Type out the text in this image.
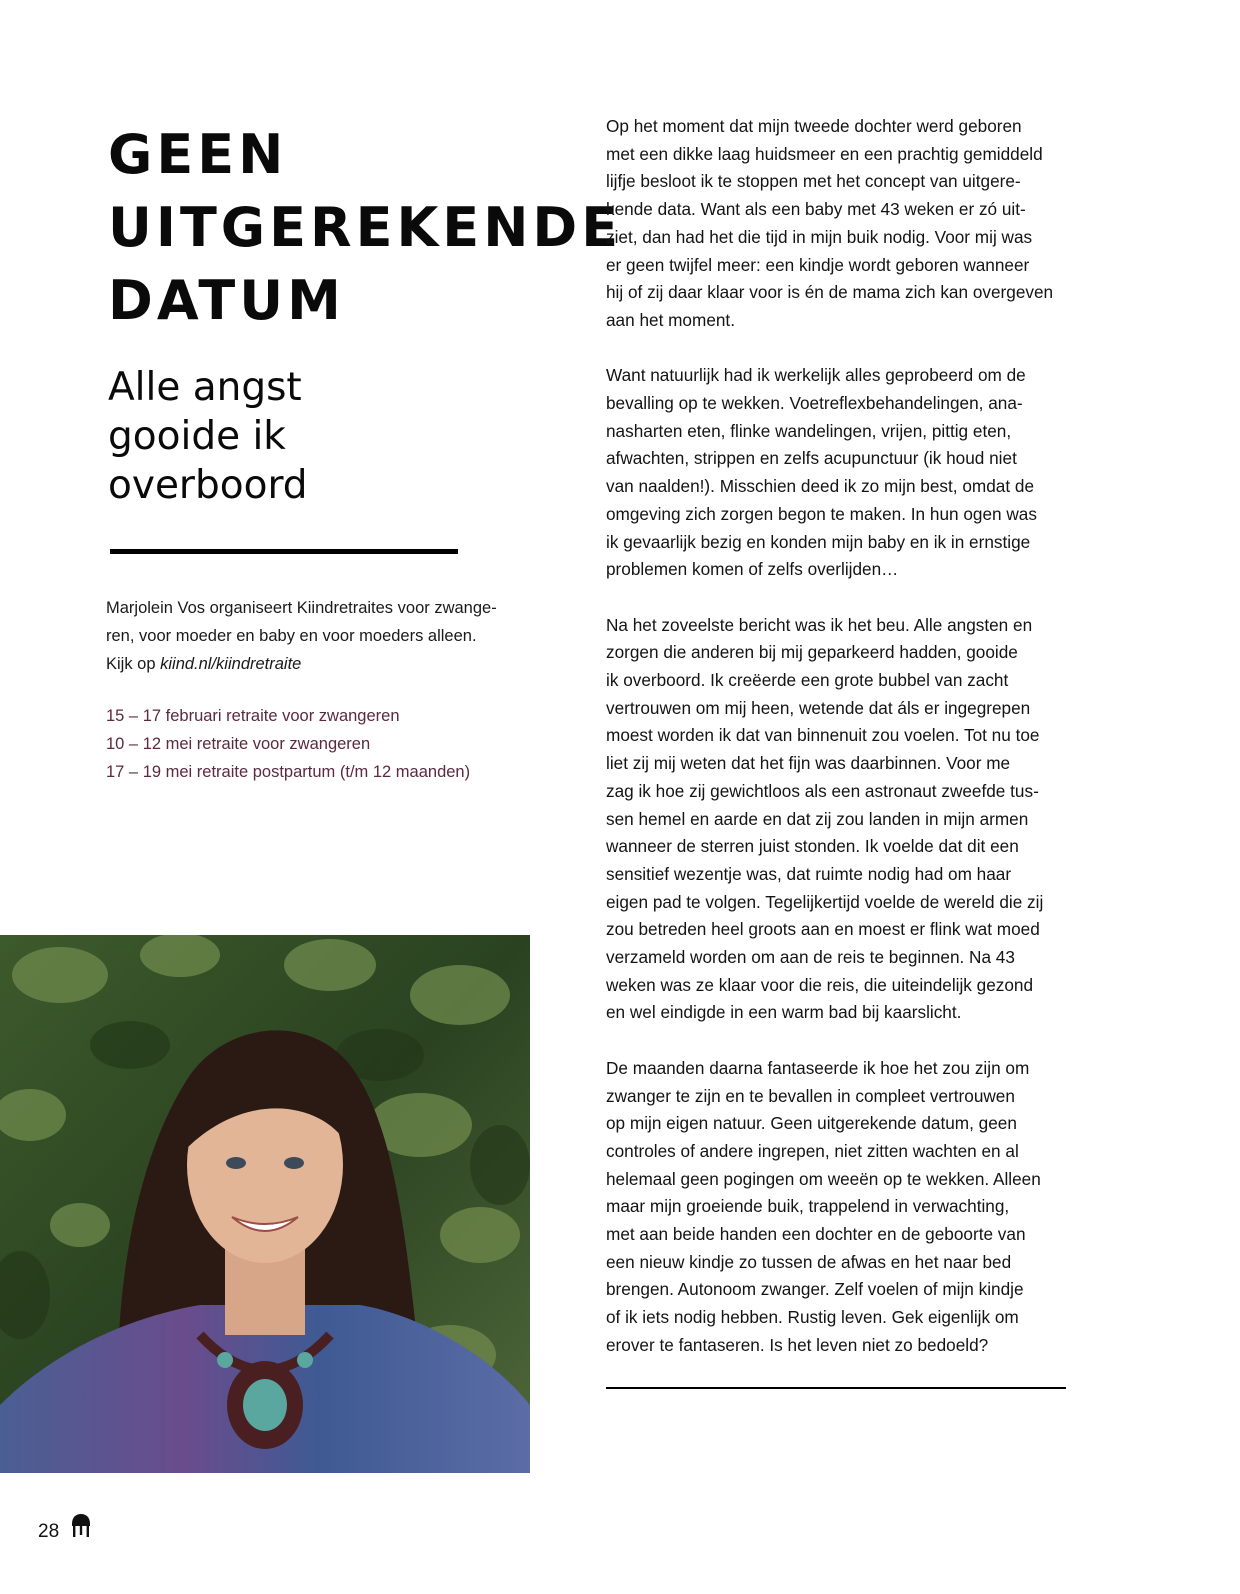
GEEN
UITGEREKENDE
DATUM
Alle angst
gooide ik
overboord

Marjolein Vos organiseert Kiindretraites voor zwange-
ren, voor moeder en baby en voor moeders alleen.
Kijk op kiind.nl/kiindretraite

15 – 17 februari retraite voor zwangeren
10 – 12 mei retraite voor zwangeren
17 – 19 mei retraite postpartum (t/m 12 maanden)

Op het moment dat mijn tweede dochter werd geboren
met een dikke laag huidsmeer en een prachtig gemiddeld
lijfje besloot ik te stoppen met het concept van uitgere-
kende data. Want als een baby met 43 weken er zó uit-
ziet, dan had het die tijd in mijn buik nodig. Voor mij was
er geen twijfel meer: een kindje wordt geboren wanneer
hij of zij daar klaar voor is én de mama zich kan overgeven
aan het moment.

Want natuurlijk had ik werkelijk alles geprobeerd om de
bevalling op te wekken. Voetreflexbehandelingen, ana-
nasharten eten, flinke wandelingen, vrijen, pittig eten,
afwachten, strippen en zelfs acupunctuur (ik houd niet
van naalden!). Misschien deed ik zo mijn best, omdat de
omgeving zich zorgen begon te maken. In hun ogen was
ik gevaarlijk bezig en konden mijn baby en ik in ernstige
problemen komen of zelfs overlijden…

Na het zoveelste bericht was ik het beu. Alle angsten en
zorgen die anderen bij mij geparkeerd hadden, gooide
ik overboord. Ik creëerde een grote bubbel van zacht
vertrouwen om mij heen, wetende dat áls er ingegrepen
moest worden ik dat van binnenuit zou voelen. Tot nu toe
liet zij mij weten dat het fijn was daarbinnen. Voor me
zag ik hoe zij gewichtloos als een astronaut zweefde tus-
sen hemel en aarde en dat zij zou landen in mijn armen
wanneer de sterren juist stonden. Ik voelde dat dit een
sensitief wezentje was, dat ruimte nodig had om haar
eigen pad te volgen. Tegelijkertijd voelde de wereld die zij
zou betreden heel groots aan en moest er flink wat moed
verzameld worden om aan de reis te beginnen. Na 43
weken was ze klaar voor die reis, die uiteindelijk gezond
en wel eindigde in een warm bad bij kaarslicht.

De maanden daarna fantaseerde ik hoe het zou zijn om
zwanger te zijn en te bevallen in compleet vertrouwen
op mijn eigen natuur. Geen uitgerekende datum, geen
controles of andere ingrepen, niet zitten wachten en al
helemaal geen pogingen om weeën op te wekken. Alleen
maar mijn groeiende buik, trappelend in verwachting,
met aan beide handen een dochter en de geboorte van
een nieuw kindje zo tussen de afwas en het naar bed
brengen. Autonoom zwanger. Zelf voelen of mijn kindje
of ik iets nodig hebben. Rustig leven. Gek eigenlijk om
erover te fantaseren. Is het leven niet zo bedoeld?

28
